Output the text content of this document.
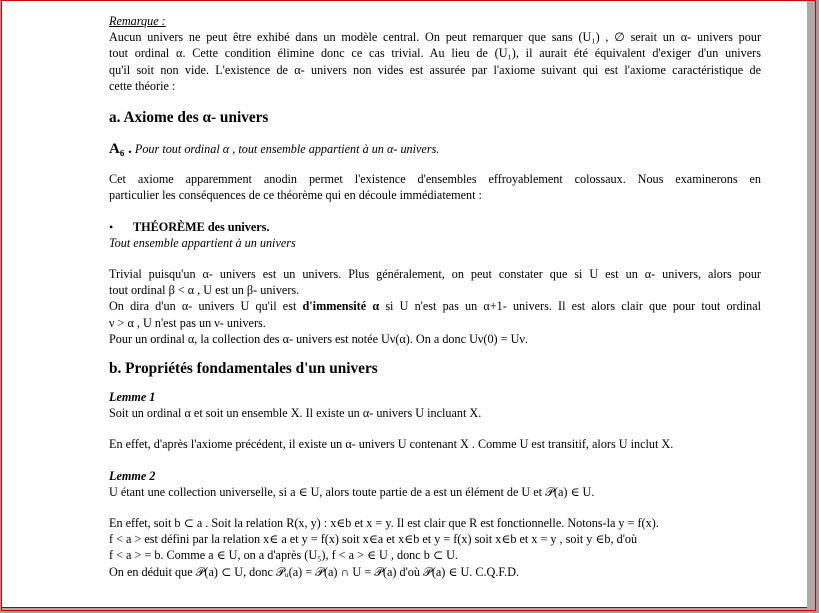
Remarque :

Aucun univers ne peut être exhibé dans un modèle central. On peut remarquer que sans (U₁) , ∅ serait un α- univers pour

tout ordinal α. Cette condition élimine donc ce cas trivial. Au lieu de (U₁), il aurait été équivalent d'exiger d'un univers

qu'il soit non vide. L'existence de α- univers non vides est assurée par l'axiome suivant qui est l'axiome caractéristique de

cette théorie :

a. Axiome des α- univers

A₆ . Pour tout ordinal α , tout ensemble appartient à un α- univers.

Cet axiome apparemment anodin permet l'existence d'ensembles effroyablement colossaux. Nous examinerons en

particulier les conséquences de ce théorème qui en découle immédiatement :

•	THÉORÈME des univers.

Tout ensemble appartient à un univers

Trivial puisqu'un α- univers est un univers. Plus généralement, on peut constater que si U est un α- univers, alors pour

tout ordinal β < α , U est un β- univers.

On dira d'un α- univers U qu'il est d'immensité α si U n'est pas un α+1- univers. Il est alors clair que pour tout ordinal

ν > α , U n'est pas un ν- univers.

Pour un ordinal α, la collection des α- univers est notée Uν(α). On a donc Uν(0) = Uν.

b. Propriétés fondamentales d'un univers

Lemme 1

Soit un ordinal α et soit un ensemble X. Il existe un α- univers U incluant X.

En effet, d'après l'axiome précédent, il existe un α- univers U contenant X . Comme U est transitif, alors U inclut X.

Lemme 2

U étant une collection universelle, si a ∈ U, alors toute partie de a est un élément de U et 𝒫(a) ∈ U.

En effet, soit b ⊂ a . Soit la relation R(x, y) : x∈b et x = y. Il est clair que R est fonctionnelle. Notons-la y = f(x).

f < a > est défini par la relation x∈ a et y = f(x) soit x∈a et x∈b et y = f(x) soit x∈b et x = y , soit y ∈b, d'où

f < a > = b. Comme a ∈ U, on a d'après (U₅), f < a > ∈ U , donc b ⊂ U.

On en déduit que 𝒫(a) ⊂ U, donc 𝒫ᵤ(a) = 𝒫(a) ∩ U = 𝒫(a) d'où 𝒫(a) ∈ U. C.Q.F.D.
